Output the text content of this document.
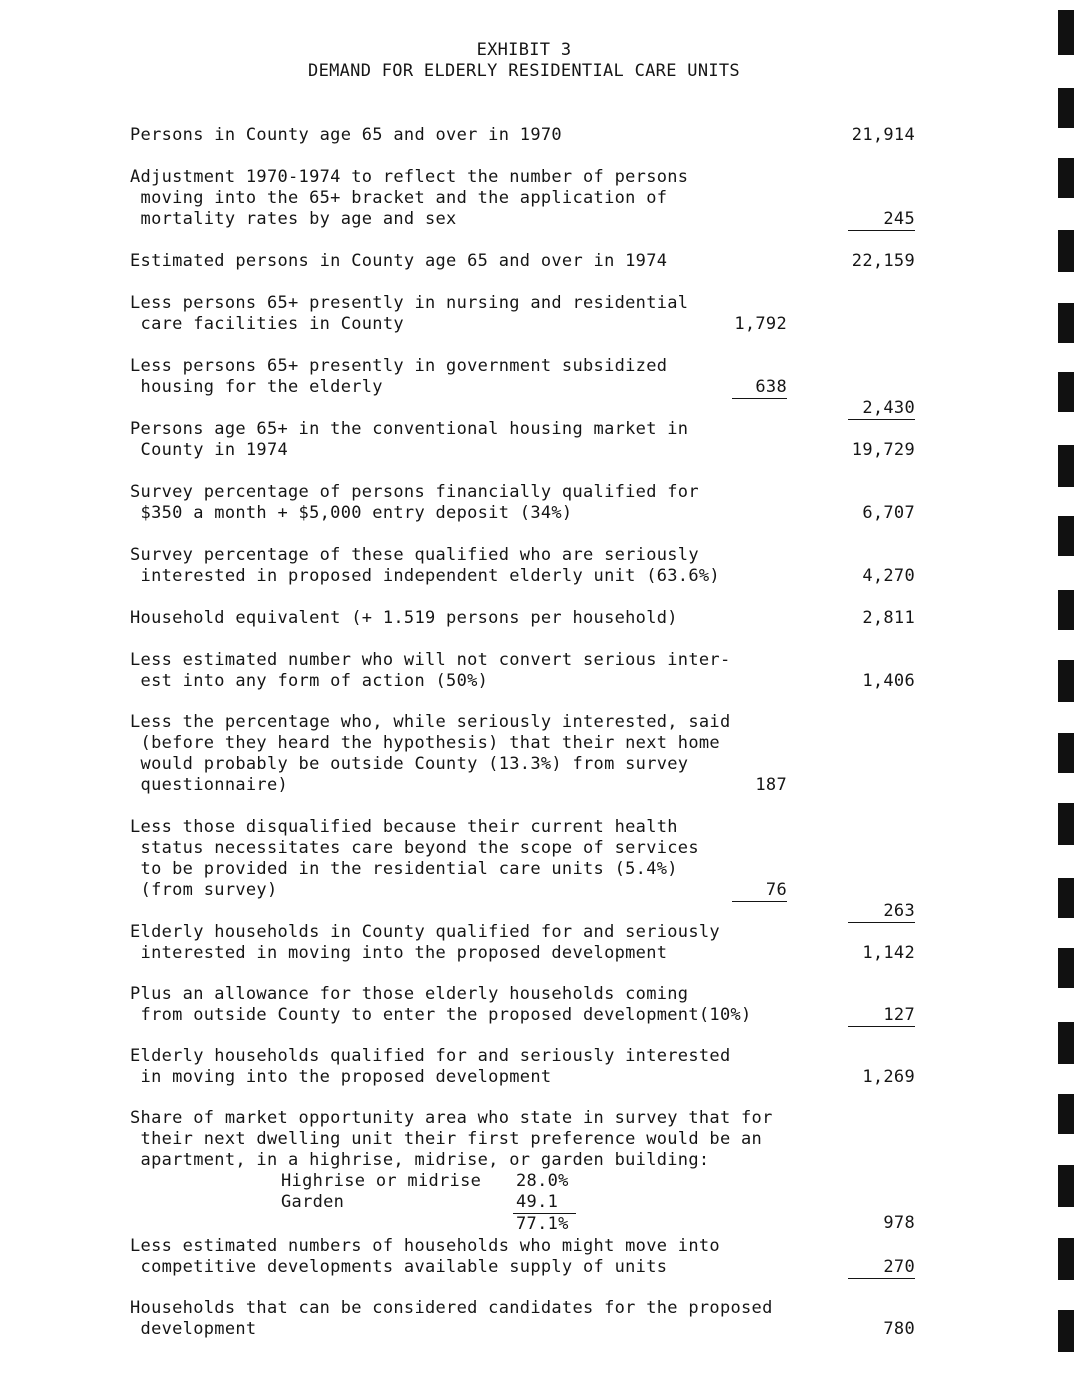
EXHIBIT 3
DEMAND FOR ELDERLY RESIDENTIAL CARE UNITS
Persons in County age 65 and over in 1970	21,914
Adjustment 1970-1974 to reflect the number of persons
moving into the 65+ bracket and the application of
mortality rates by age and sex	245
Estimated persons in County age 65 and over in 1974	22,159
Less persons 65+ presently in nursing and residential
care facilities in County	1,792
Less persons 65+ presently in government subsidized
housing for the elderly	638
2,430
Persons age 65+ in the conventional housing market in
County in 1974	19,729
Survey percentage of persons financially qualified for
$350 a month + $5,000 entry deposit (34%)	6,707
Survey percentage of these qualified who are seriously
interested in proposed independent elderly unit (63.6%)	4,270
Household equivalent (+ 1.519 persons per household)	2,811
Less estimated number who will not convert serious inter-
est into any form of action (50%)	1,406
Less the percentage who, while seriously interested, said
(before they heard the hypothesis) that their next home
would probably be outside County (13.3%) from survey
questionnaire)	187
Less those disqualified because their current health
status necessitates care beyond the scope of services
to be provided in the residential care units (5.4%)
(from survey)	76
263
Elderly households in County qualified for and seriously
interested in moving into the proposed development	1,142
Plus an allowance for those elderly households coming
from outside County to enter the proposed development(10%)	127
Elderly households qualified for and seriously interested
in moving into the proposed development	1,269
Share of market opportunity area who state in survey that for
their next dwelling unit their first preference would be an
apartment, in a highrise, midrise, or garden building:
Highrise or midrise 28.0%
Garden	49.1
77.1%	978
Less estimated numbers of households who might move into
competitive developments available supply of units	270
Households that can be considered candidates for the proposed
development	780
